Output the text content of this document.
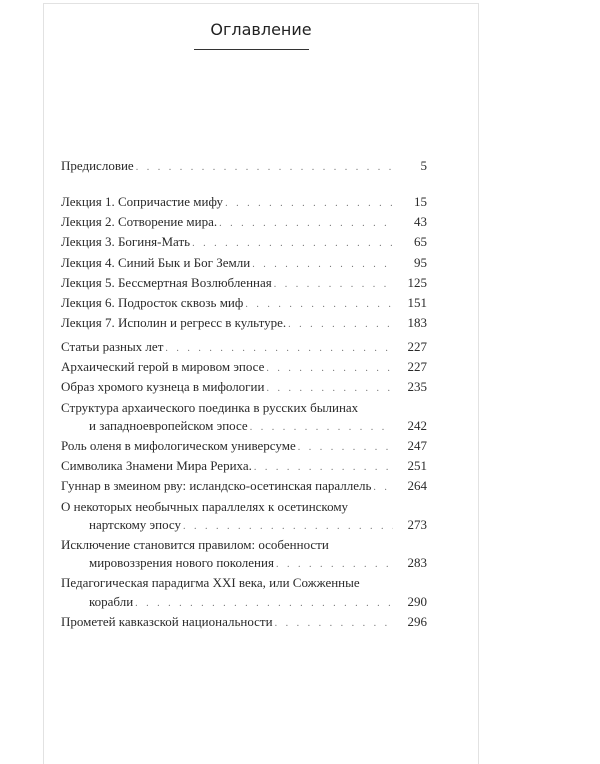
Оглавление
Предисловие . . .	5
Лекция 1. Сопричастие мифу . . .	15
Лекция 2. Сотворение мира. . . .	43
Лекция 3. Богиня-Мать . . .	65
Лекция 4. Синий Бык и Бог Земли . . .	95
Лекция 5. Бессмертная Возлюбленная . . .	125
Лекция 6. Подросток сквозь миф . . .	151
Лекция 7. Исполин и регресс в культуре. . . .	183
Статьи разных лет . . .	227
Архаический герой в мировом эпосе . . .	227
Образ хромого кузнеца в мифологии . . .	235
Структура архаического поединка в русских былинах
и западноевропейском эпосе . . .	242
Роль оленя в мифологическом универсуме . . .	247
Символика Знамени Мира Рериха. . . .	251
Гуннар в змеином рву: исландско-осетинская параллель . . .	264
О некоторых необычных параллелях к осетинскому
нартскому эпосу . . .	273
Исключение становится правилом: особенности
мировоззрения нового поколения . . .	283
Педагогическая парадигма XXI века, или Сожженные
корабли . . .	290
Прометей кавказской национальности . . .	296
